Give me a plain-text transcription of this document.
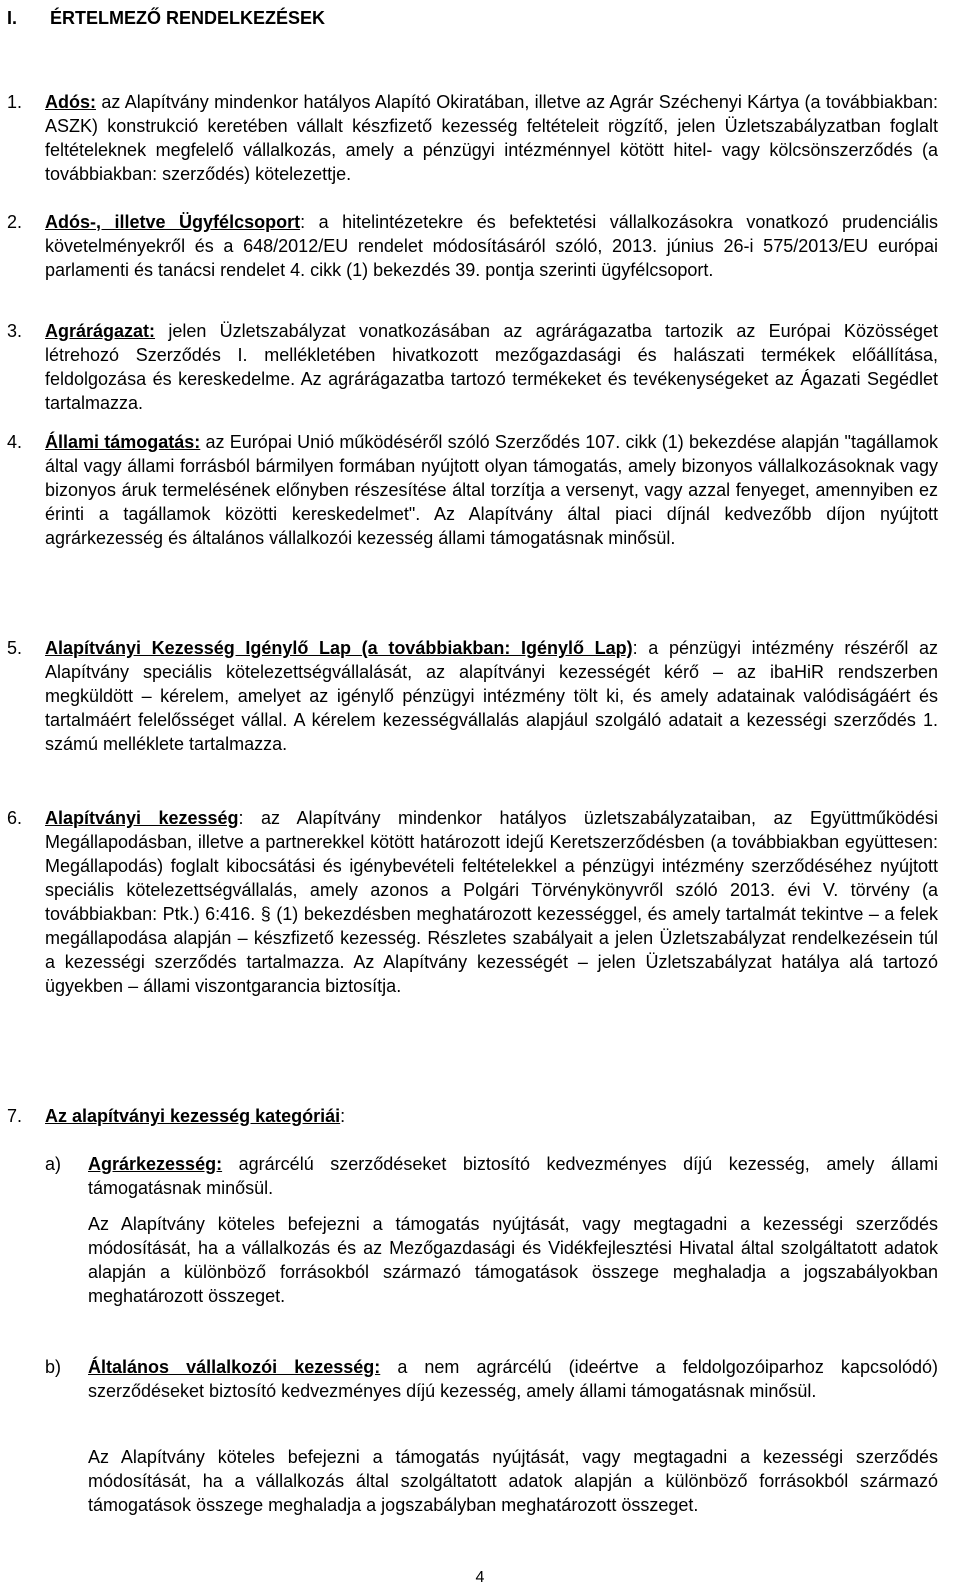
I. ÉRTELMEZŐ RENDELKEZÉSEK
1. Adós: az Alapítvány mindenkor hatályos Alapító Okiratában, illetve az Agrár Széchenyi Kártya (a továbbiakban: ASZK) konstrukció keretében vállalt készfizető kezesség feltételeit rögzítő, jelen Üzletszabályzatban foglalt feltételeknek megfelelő vállalkozás, amely a pénzügyi intézménnyel kötött hitel- vagy kölcsönszerződés (a továbbiakban: szerződés) kötelezettje.
2. Adós-, illetve Ügyfélcsoport: a hitelintézetekre és befektetési vállalkozásokra vonatkozó prudenciális követelményekről és a 648/2012/EU rendelet módosításáról szóló, 2013. június 26-i 575/2013/EU európai parlamenti és tanácsi rendelet 4. cikk (1) bekezdés 39. pontja szerinti ügyfélcsoport.
3. Agrárágazat: jelen Üzletszabályzat vonatkozásában az agrárágazatba tartozik az Európai Közösséget létrehozó Szerződés I. mellékletében hivatkozott mezőgazdasági és halászati termékek előállítása, feldolgozása és kereskedelme. Az agrárágazatba tartozó termékeket és tevékenységeket az Ágazati Segédlet tartalmazza.
4. Állami támogatás: az Európai Unió működéséről szóló Szerződés 107. cikk (1) bekezdése alapján "tagállamok által vagy állami forrásból bármilyen formában nyújtott olyan támogatás, amely bizonyos vállalkozásoknak vagy bizonyos áruk termelésének előnyben részesítése által torzítja a versenyt, vagy azzal fenyeget, amennyiben ez érinti a tagállamok közötti kereskedelmet". Az Alapítvány által piaci díjnál kedvezőbb díjon nyújtott agrárkezesség és általános vállalkozói kezesség állami támogatásnak minősül.
5. Alapítványi Kezesség Igénylő Lap (a továbbiakban: Igénylő Lap): a pénzügyi intézmény részéről az Alapítvány speciális kötelezettségvállalását, az alapítványi kezességét kérő – az ibaHiR rendszerben megküldött – kérelem, amelyet az igénylő pénzügyi intézmény tölt ki, és amely adatainak valódiságáért és tartalmáért felelősséget vállal. A kérelem kezességvállalás alapjául szolgáló adatait a kezességi szerződés 1. számú melléklete tartalmazza.
6. Alapítványi kezesség: az Alapítvány mindenkor hatályos üzletszabályzataiban, az Együttműködési Megállapodásban, illetve a partnerekkel kötött határozott idejű Keretszerződésben (a továbbiakban együttesen: Megállapodás) foglalt kibocsátási és igénybevételi feltételekkel a pénzügyi intézmény szerződéséhez nyújtott speciális kötelezettségvállalás, amely azonos a Polgári Törvénykönyvről szóló 2013. évi V. törvény (a továbbiakban: Ptk.) 6:416. § (1) bekezdésben meghatározott kezességgel, és amely tartalmát tekintve – a felek megállapodása alapján – készfizető kezesség. Részletes szabályait a jelen Üzletszabályzat rendelkezésein túl a kezességi szerződés tartalmazza. Az Alapítvány kezességét – jelen Üzletszabályzat hatálya alá tartozó ügyekben – állami viszontgarancia biztosítja.
7. Az alapítványi kezesség kategóriái:
a) Agrárkezesség: agrárcélú szerződéseket biztosító kedvezményes díjú kezesség, amely állami támogatásnak minősül.
Az Alapítvány köteles befejezni a támogatás nyújtását, vagy megtagadni a kezességi szerződés módosítását, ha a vállalkozás és az Mezőgazdasági és Vidékfejlesztési Hivatal által szolgáltatott adatok alapján a különböző forrásokból származó támogatások összege meghaladja a jogszabályokban meghatározott összeget.
b) Általános vállalkozói kezesség: a nem agrárcélú (ideértve a feldolgozóiparhoz kapcsolódó) szerződéseket biztosító kedvezményes díjú kezesség, amely állami támogatásnak minősül.
Az Alapítvány köteles befejezni a támogatás nyújtását, vagy megtagadni a kezességi szerződés módosítását, ha a vállalkozás által szolgáltatott adatok alapján a különböző forrásokból származó támogatások összege meghaladja a jogszabályban meghatározott összeget.
4
